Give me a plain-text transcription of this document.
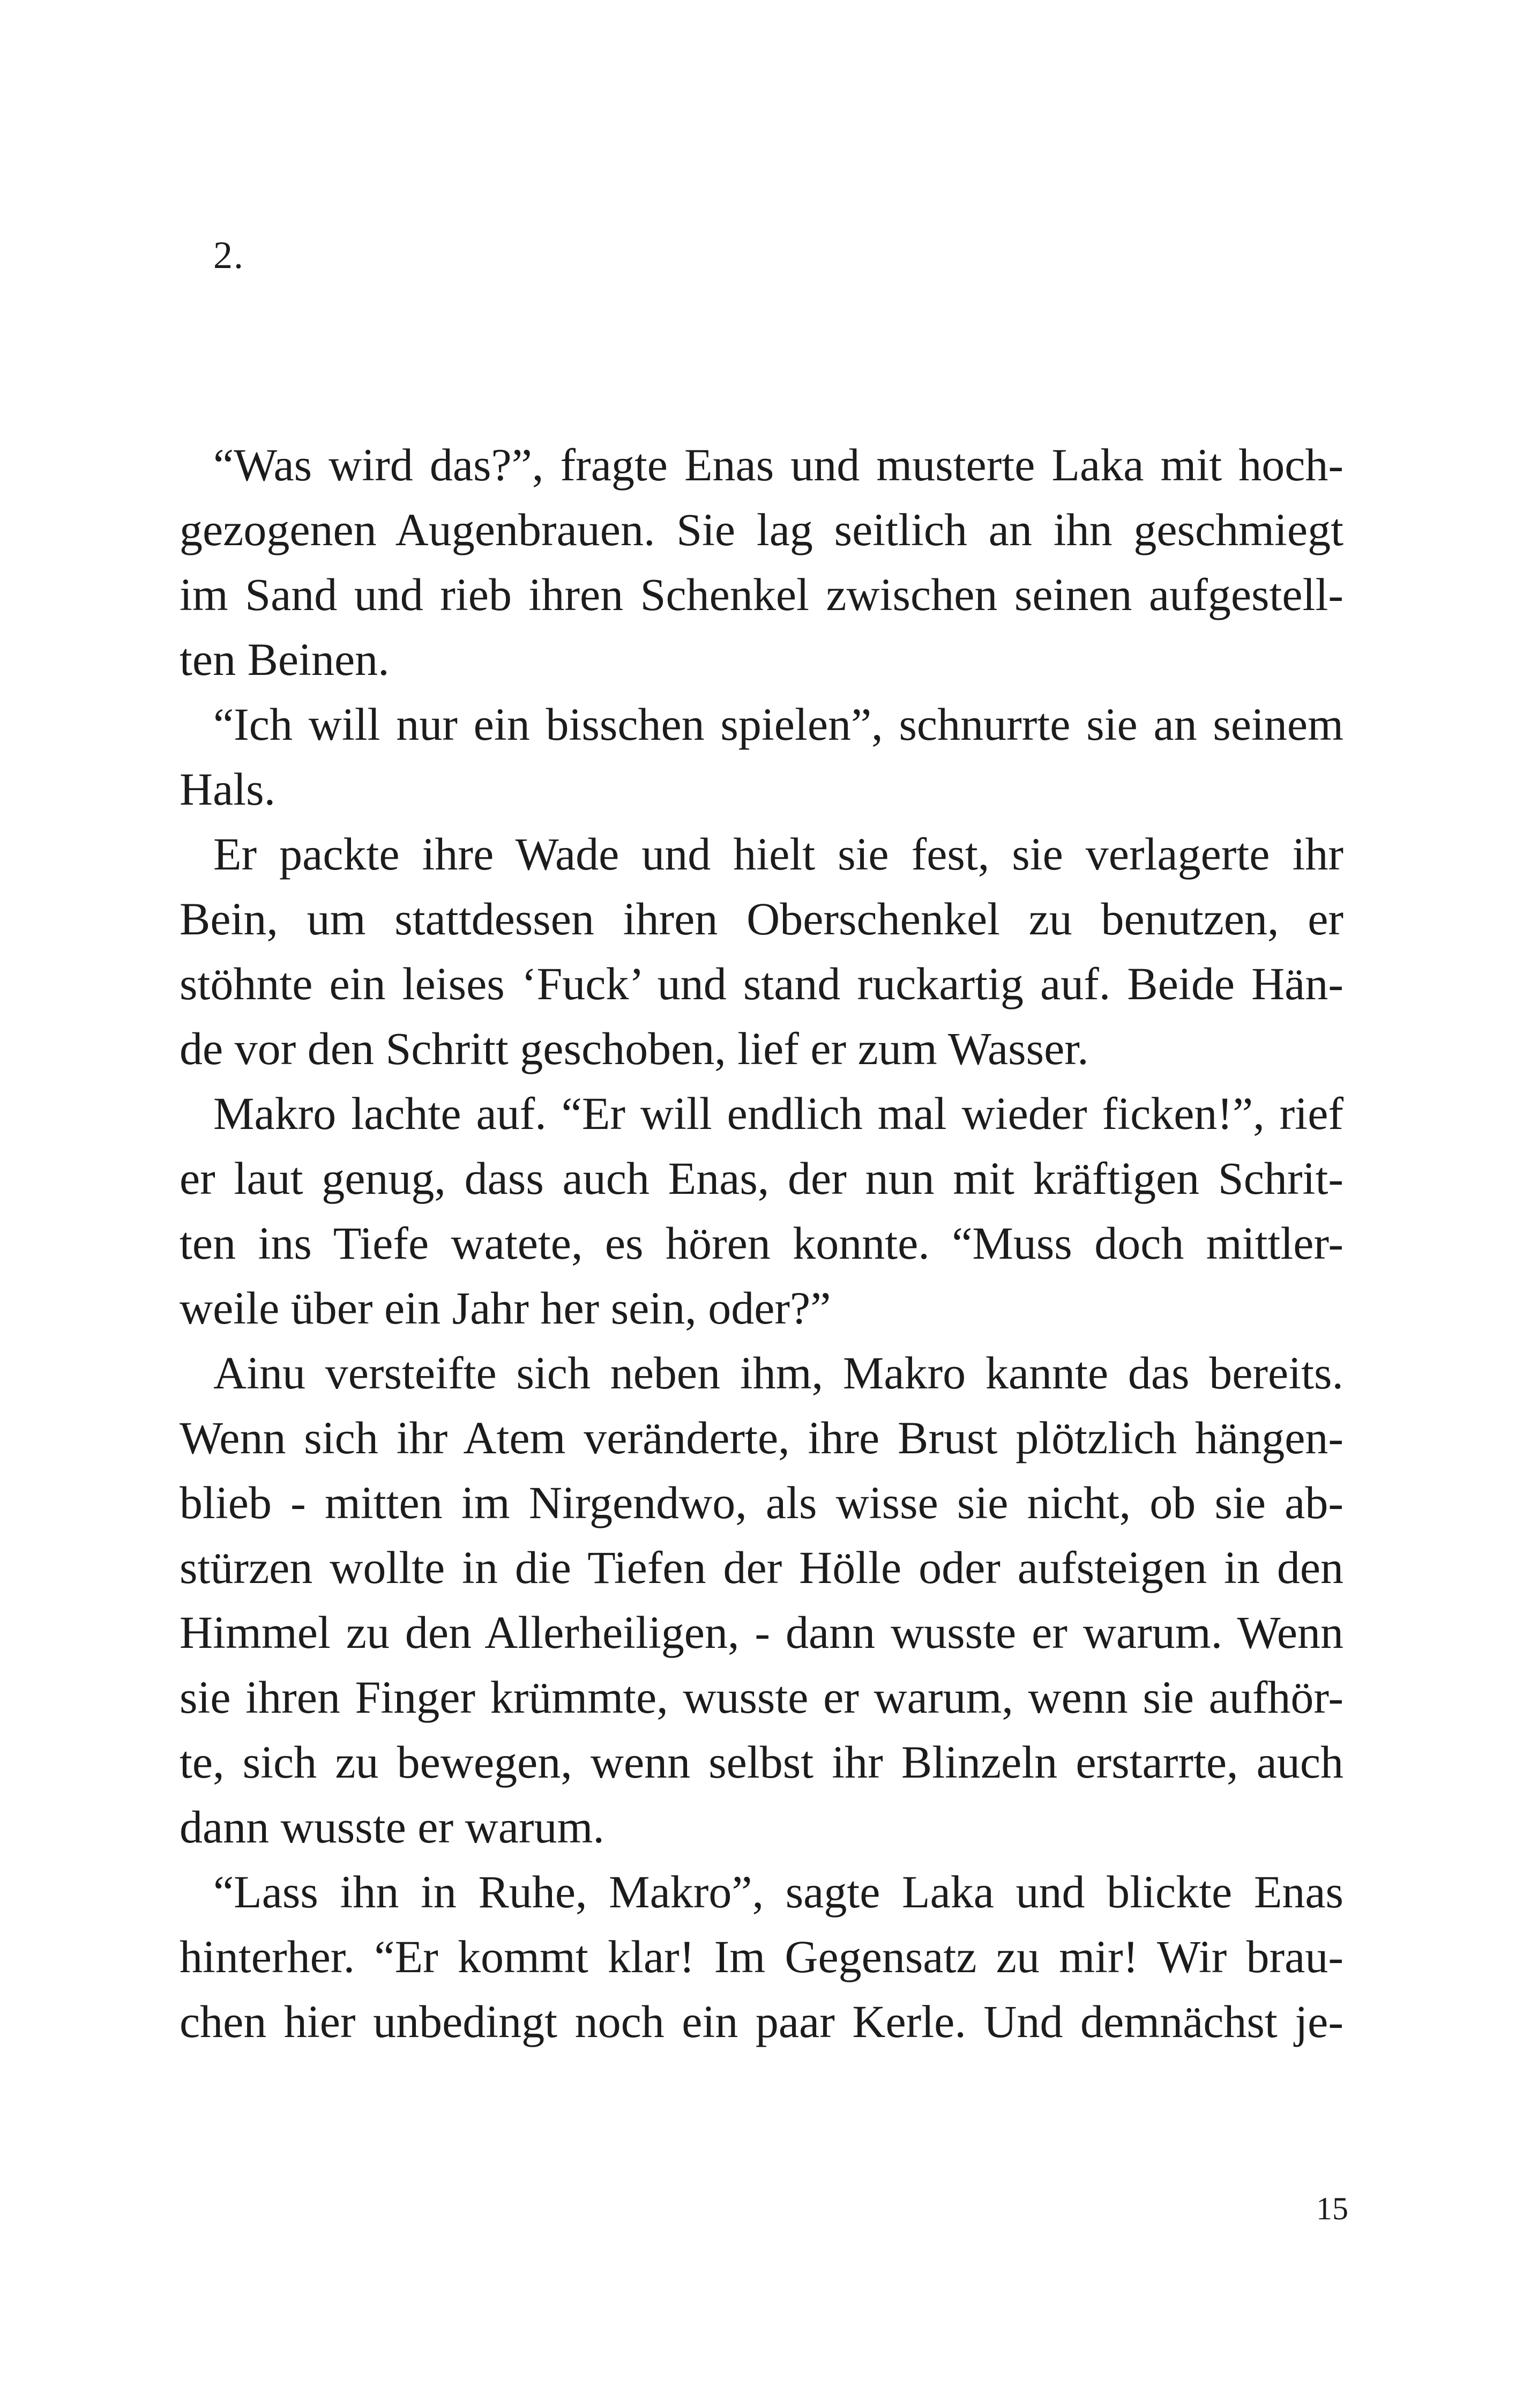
2.
“Was wird das?”, fragte Enas und musterte Laka mit hoch-
gezogenen Augenbrauen. Sie lag seitlich an ihn geschmiegt
im Sand und rieb ihren Schenkel zwischen seinen aufgestell-
ten Beinen.
“Ich will nur ein bisschen spielen”, schnurrte sie an seinem
Hals.
Er packte ihre Wade und hielt sie fest, sie verlagerte ihr
Bein, um stattdessen ihren Oberschenkel zu benutzen, er
stöhnte ein leises ‘Fuck’ und stand ruckartig auf. Beide Hän-
de vor den Schritt geschoben, lief er zum Wasser.
Makro lachte auf. “Er will endlich mal wieder ficken!”, rief
er laut genug, dass auch Enas, der nun mit kräftigen Schrit-
ten ins Tiefe watete, es hören konnte. “Muss doch mittler-
weile über ein Jahr her sein, oder?”
Ainu versteifte sich neben ihm, Makro kannte das bereits.
Wenn sich ihr Atem veränderte, ihre Brust plötzlich hängen-
blieb - mitten im Nirgendwo, als wisse sie nicht, ob sie ab-
stürzen wollte in die Tiefen der Hölle oder aufsteigen in den
Himmel zu den Allerheiligen, - dann wusste er warum. Wenn
sie ihren Finger krümmte, wusste er warum, wenn sie aufhör-
te, sich zu bewegen, wenn selbst ihr Blinzeln erstarrte, auch
dann wusste er warum.
“Lass ihn in Ruhe, Makro”, sagte Laka und blickte Enas
hinterher. “Er kommt klar! Im Gegensatz zu mir! Wir brau-
chen hier unbedingt noch ein paar Kerle. Und demnächst je-
15
